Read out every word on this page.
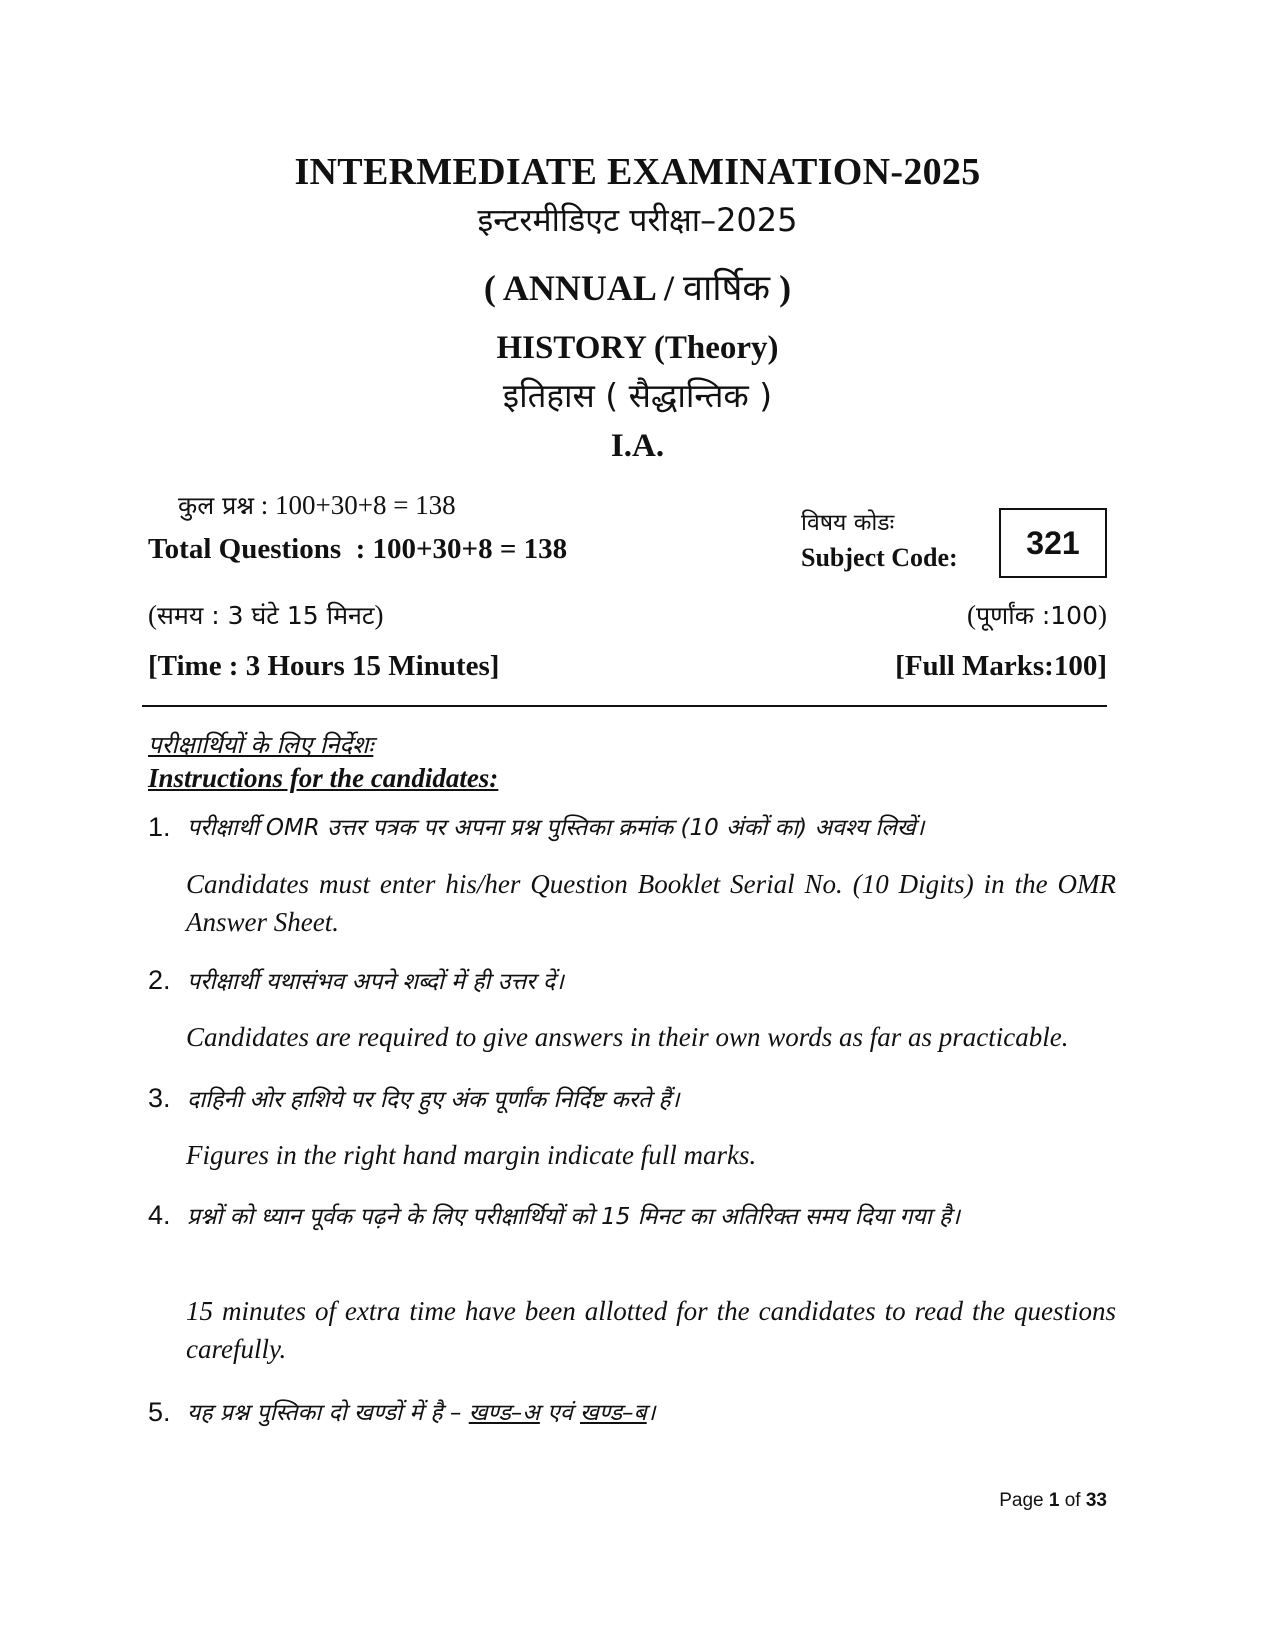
INTERMEDIATE EXAMINATION-2025
इन्टरमीडिएट परीक्षा–2025
( ANNUAL / वार्षिक )
HISTORY (Theory)
इतिहास ( सैद्धान्तिक )
I.A.
कुल प्रश्न : 100+30+8 = 138
Total Questions  : 100+30+8 = 138
विषय कोडः
Subject Code:	321
(समय : 3 घंटे 15 मिनट)	(पूर्णांक :100)
[Time : 3 Hours 15 Minutes]	[Full Marks:100]
परीक्षार्थियों के लिए निर्देशः
Instructions for the candidates:
1. परीक्षार्थी OMR उत्तर पत्रक पर अपना प्रश्न पुस्तिका क्रमांक (10 अंकों का) अवश्य लिखें।
Candidates must enter his/her Question Booklet Serial No. (10 Digits) in the OMR Answer Sheet.
2. परीक्षार्थी यथासंभव अपने शब्दों में ही उत्तर दें।
Candidates are required to give answers in their own words as far as practicable.
3. दाहिनी ओर हाशिये पर दिए हुए अंक पूर्णांक निर्दिष्ट करते हैं।
Figures in the right hand margin indicate full marks.
4. प्रश्नों को ध्यान पूर्वक पढ़ने के लिए परीक्षार्थियों को 15 मिनट का अतिरिक्त समय दिया गया है।
15 minutes of extra time have been allotted for the candidates to read the questions carefully.
5. यह प्रश्न पुस्तिका दो खण्डों में है – खण्ड–अ एवं खण्ड–ब।
Page 1 of 33
